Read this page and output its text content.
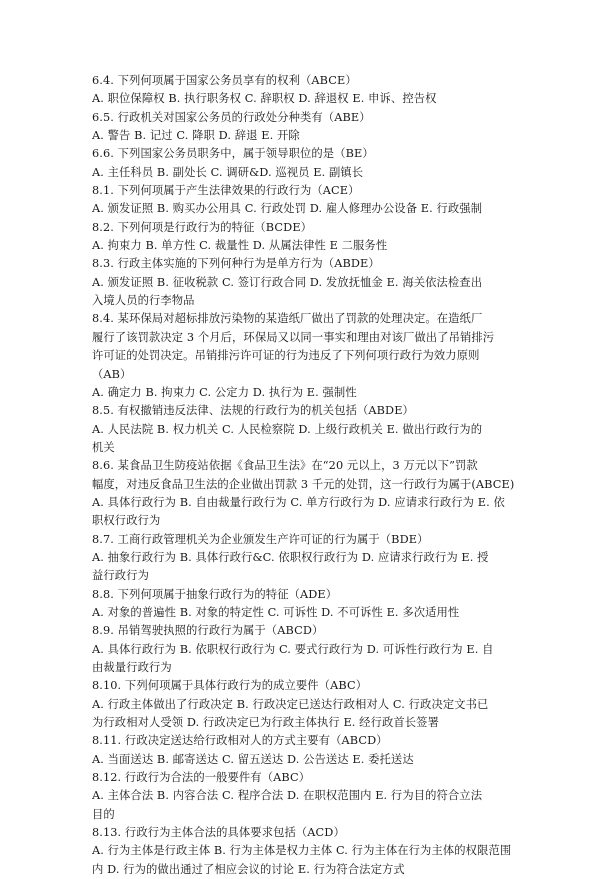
6.4. 下列何项属于国家公务员享有的权利（ABCE）

A. 职位保障权 B. 执行职务权 C. 辞职权 D. 辞退权 E. 申诉、控告权

6.5. 行政机关对国家公务员的行政处分种类有（ABE）

A. 警告 B. 记过 C. 降职 D. 辞退 E. 开除

6.6. 下列国家公务员职务中，属于领导职位的是（BE）

A. 主任科员 B. 副处长 C. 调研&D. 巡视员 E. 副镇长

8.1. 下列何项属于产生法律效果的行政行为（ACE）

A. 颁发证照 B. 购买办公用具 C. 行政处罚 D. 雇人修理办公设备 E. 行政强制

8.2. 下列何项是行政行为的特征（BCDE）

A. 拘束力 B. 单方性 C. 裁量性 D. 从属法律性 E 二服务性

8.3. 行政主体实施的下列何种行为是单方行为（ABDE）

A. 颁发证照 B. 征收税款 C. 签订行政合同 D. 发放抚恤金 E. 海关依法检查出

入境人员的行李物品

8.4. 某环保局对超标排放污染物的某造纸厂做出了罚款的处理决定。在造纸厂

履行了该罚款决定 3 个月后，环保局又以同一事实和理由对该厂做出了吊销排污

许可证的处罚决定。吊销排污许可证的行为违反了下列何项行政行为效力原则

（AB）

A. 确定力 B. 拘束力 C. 公定力 D. 执行为 E. 强制性

8.5. 有权撤销违反法律、法规的行政行为的机关包括（ABDE）

A. 人民法院 B. 权力机关 C. 人民检察院 D. 上级行政机关 E. 做出行政行为的

机关

8.6. 某食品卫生防疫站依据《食品卫生法》在“20 元以上，3 万元以下”罚款

幅度，对违反食品卫生法的企业做出罚款 3 千元的处罚，这一行政行为属于(ABCE)

A. 具体行政行为 B. 自由裁量行政行为 C. 单方行政行为 D. 应请求行政行为 E. 依

职权行政行为

8.7. 工商行政管理机关为企业颁发生产许可证的行为属于（BDE）

A. 抽象行政行为 B. 具体行政行&C. 依职权行政行为 D. 应请求行政行为 E. 授

益行政行为

8.8. 下列何项属于抽象行政行为的特征（ADE）

A. 对象的普遍性 B. 对象的特定性 C. 可诉性 D. 不可诉性 E. 多次适用性

8.9. 吊销驾驶执照的行政行为属于（ABCD）

A. 具体行政行为 B. 依职权行政行为 C. 要式行政行为 D. 可诉性行政行为 E. 自

由裁量行政行为

8.10. 下列何项属于具体行政行为的成立要件（ABC）

A. 行政主体做出了行政决定 B. 行政决定已送达行政相对人 C. 行政决定文书已

为行政相对人受领 D. 行政决定已为行政主体执行 E. 经行政首长签署

8.11. 行政决定送达给行政相对人的方式主要有（ABCD）

A. 当面送达 B. 邮寄送达 C. 留五送达 D. 公告送达 E. 委托送达

8.12. 行政行为合法的一般要件有（ABC）

A. 主体合法 B. 内容合法 C. 程序合法 D. 在职权范围内 E. 行为目的符合立法

目的

8.13. 行政行为主体合法的具体要求包括（ACD）

A. 行为主体是行政主体 B. 行为主体是权力主体 C. 行为主体在行为主体的权限范围

内 D. 行为的做出通过了相应会议的讨论 E. 行为符合法定方式
